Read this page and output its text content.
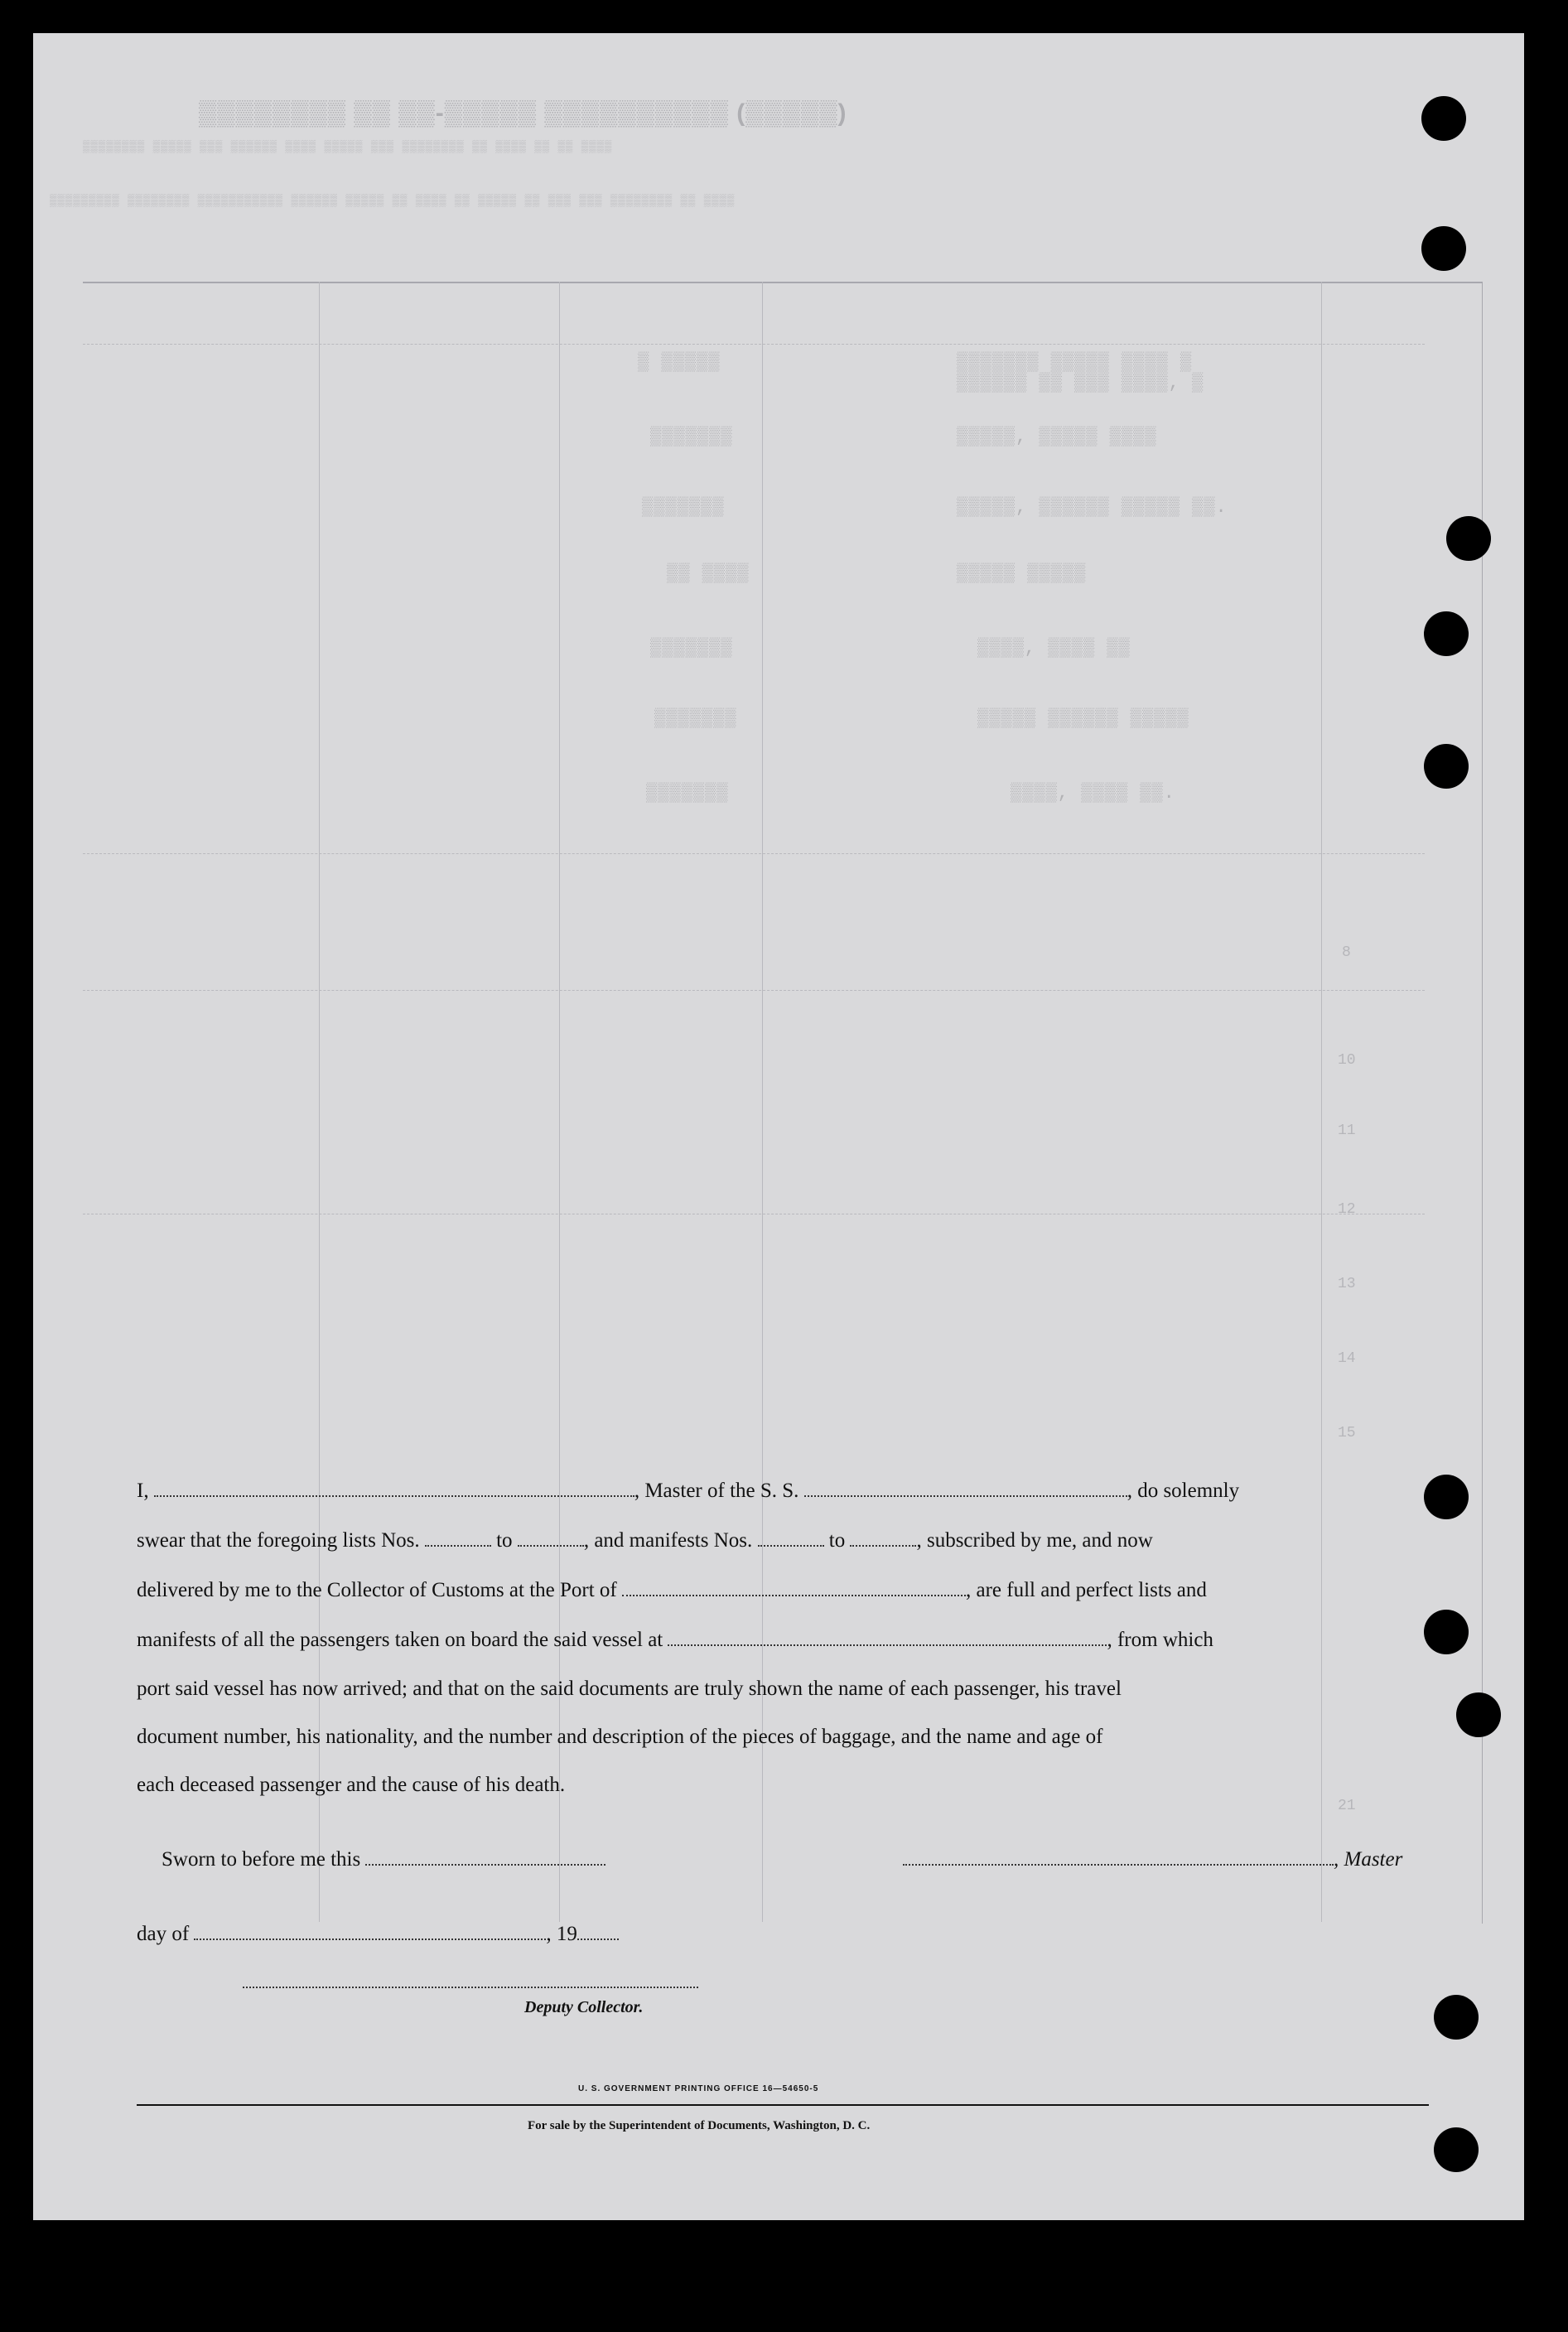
▒▒▒▒▒▒▒▒ ▒▒ ▒▒-▒▒▒▒▒ ▒▒▒▒▒▒▒▒▒▒ (▒▒▒▒▒)
▒▒▒▒▒▒▒▒ ▒▒▒▒▒ ▒▒▒ ▒▒▒▒▒▒ ▒▒▒▒ ▒▒▒▒▒ ▒▒▒ ▒▒▒▒▒▒▒▒ ▒▒ ▒▒▒▒ ▒▒ ▒▒ ▒▒▒▒
▒▒▒▒▒▒▒▒▒ ▒▒▒▒▒▒▒▒ ▒▒▒▒▒▒▒▒▒▒▒ ▒▒▒▒▒▒ ▒▒▒▒▒ ▒▒ ▒▒▒▒ ▒▒ ▒▒▒▒▒ ▒▒ ▒▒▒ ▒▒▒ ▒▒▒▒▒▒▒▒ ▒▒ ▒▒▒▒
▒ ▒▒▒▒▒	▒▒▒▒▒▒▒ ▒▒▒▒▒ ▒▒▒▒ ▒
▒▒▒▒▒▒ ▒▒ ▒▒▒ ▒▒▒▒, ▒
▒▒▒▒▒▒▒	▒▒▒▒▒, ▒▒▒▒▒ ▒▒▒▒
▒▒▒▒▒▒▒	▒▒▒▒▒, ▒▒▒▒▒▒ ▒▒▒▒▒ ▒▒.
▒▒ ▒▒▒▒	▒▒▒▒▒ ▒▒▒▒▒
▒▒▒▒▒▒▒	▒▒▒▒, ▒▒▒▒ ▒▒
▒▒▒▒▒▒▒	▒▒▒▒▒ ▒▒▒▒▒▒ ▒▒▒▒▒
▒▒▒▒▒▒▒	▒▒▒▒, ▒▒▒▒ ▒▒.
8
10
11
12
13
14
15
21
I,	, Master of the S. S.	, do solemnly
swear that the foregoing lists Nos.	to	, and manifests Nos.	to	, subscribed by me, and now
delivered by me to the Collector of Customs at the Port of	, are full and perfect lists and
manifests of all the passengers taken on board the said vessel at	, from which
port said vessel has now arrived; and that on the said documents are truly shown the name of each passenger, his travel
document number, his nationality, and the number and description of the pieces of baggage, and the name and age of
each deceased passenger and the cause of his death.
Sworn to before me this	, Master
day of	, 19
Deputy Collector.
U. S. GOVERNMENT PRINTING OFFICE 16—54650-5
For sale by the Superintendent of Documents, Washington, D. C.
